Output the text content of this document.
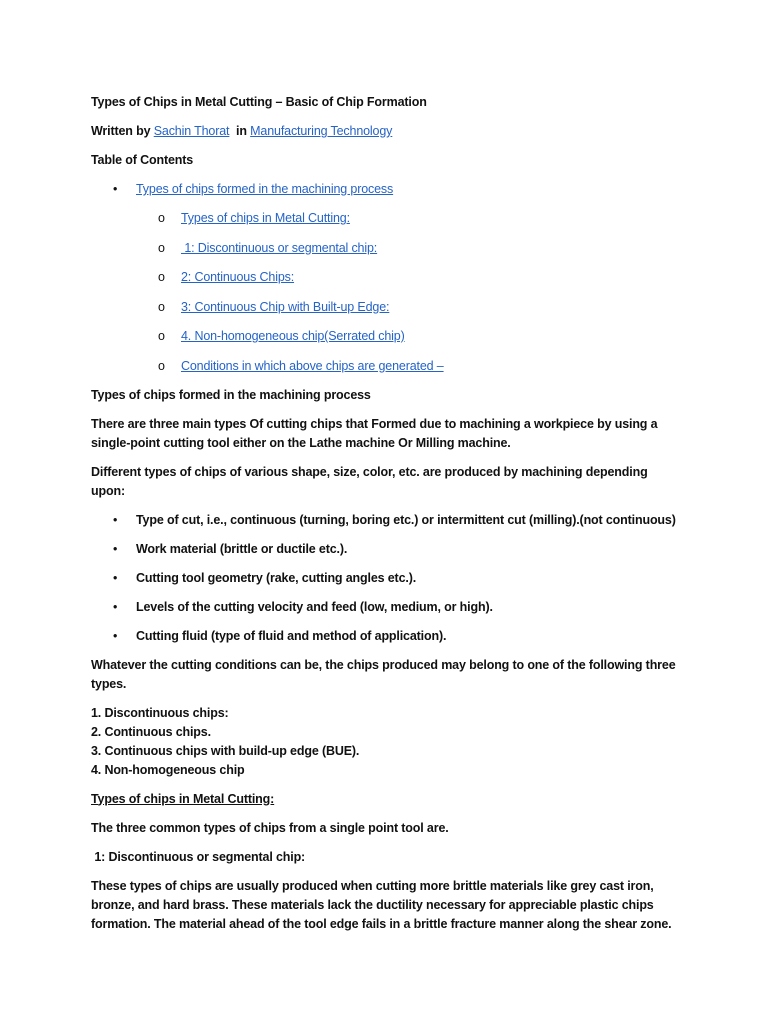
Types of Chips in Metal Cutting – Basic of Chip Formation

Written by Sachin Thorat  in Manufacturing Technology

Table of Contents

• Types of chips formed in the machining process
o Types of chips in Metal Cutting:
o 1: Discontinuous or segmental chip:
o 2: Continuous Chips:
o 3: Continuous Chip with Built-up Edge:
o 4. Non-homogeneous chip(Serrated chip)
o Conditions in which above chips are generated –

Types of chips formed in the machining process

There are three main types Of cutting chips that Formed due to machining a workpiece by using a single-point cutting tool either on the Lathe machine Or Milling machine.

Different types of chips of various shape, size, color, etc. are produced by machining depending upon:

• Type of cut, i.e., continuous (turning, boring etc.) or intermittent cut (milling).(not continuous)
• Work material (brittle or ductile etc.).
• Cutting tool geometry (rake, cutting angles etc.).
• Levels of the cutting velocity and feed (low, medium, or high).
• Cutting fluid (type of fluid and method of application).

Whatever the cutting conditions can be, the chips produced may belong to one of the following three types.

1. Discontinuous chips:
2. Continuous chips.
3. Continuous chips with build-up edge (BUE).
4. Non-homogeneous chip

Types of chips in Metal Cutting:

The three common types of chips from a single point tool are.

1: Discontinuous or segmental chip:

These types of chips are usually produced when cutting more brittle materials like grey cast iron, bronze, and hard brass. These materials lack the ductility necessary for appreciable plastic chips formation. The material ahead of the tool edge fails in a brittle fracture manner along the shear zone.
